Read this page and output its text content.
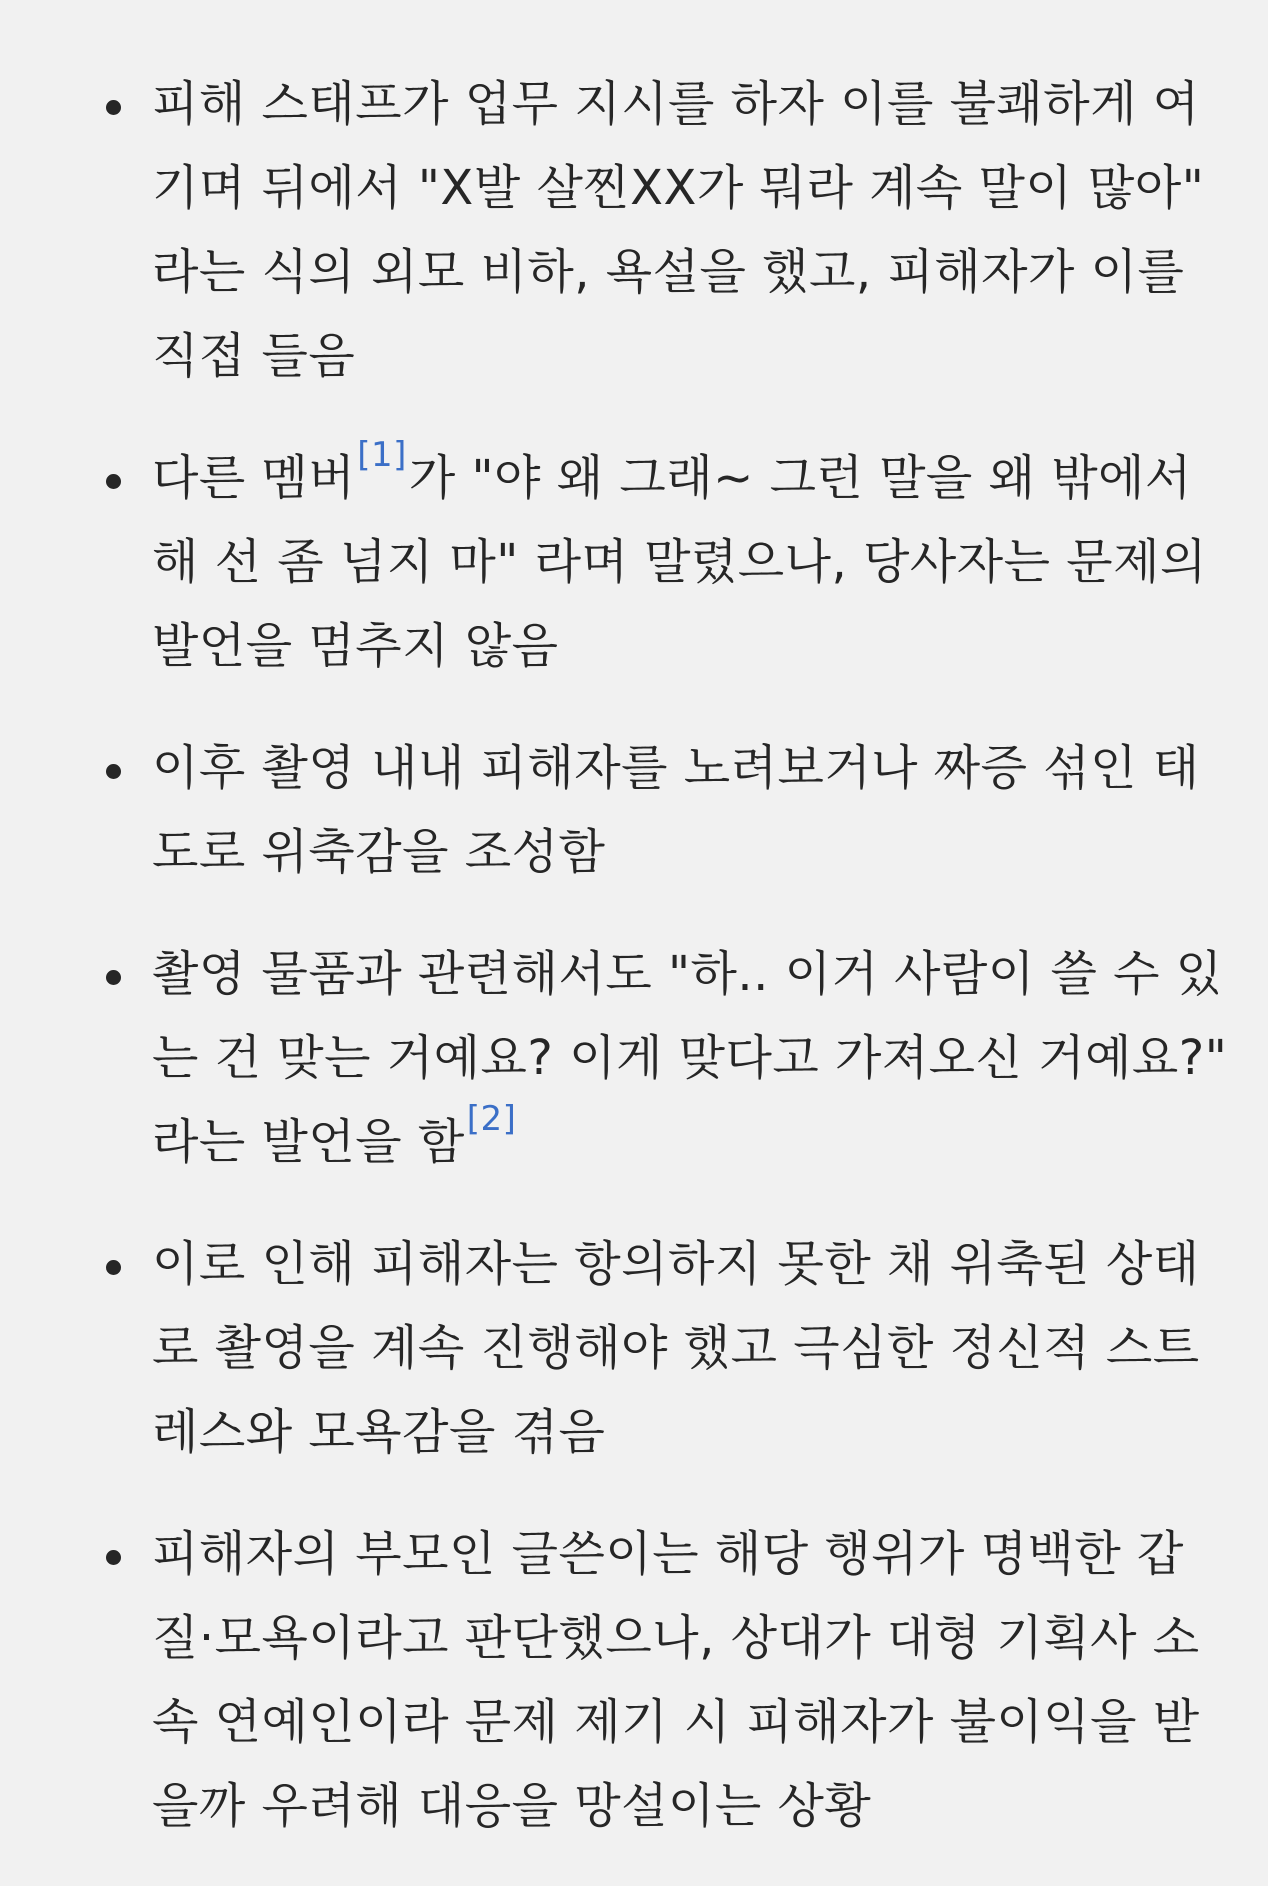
피해 스태프가 업무 지시를 하자 이를 불쾌하게 여
기며 뒤에서 "X발 살찐XX가 뭐라 계속 말이 많아"
라는 식의 외모 비하, 욕설을 했고, 피해자가 이를
직접 들음
다른 멤버[1]가 "야 왜 그래~ 그런 말을 왜 밖에서
해 선 좀 넘지 마" 라며 말렸으나, 당사자는 문제의
발언을 멈추지 않음
이후 촬영 내내 피해자를 노려보거나 짜증 섞인 태
도로 위축감을 조성함
촬영 물품과 관련해서도 "하.. 이거 사람이 쓸 수 있
는 건 맞는 거예요? 이게 맞다고 가져오신 거예요?"
라는 발언을 함[2]
이로 인해 피해자는 항의하지 못한 채 위축된 상태
로 촬영을 계속 진행해야 했고 극심한 정신적 스트
레스와 모욕감을 겪음
피해자의 부모인 글쓴이는 해당 행위가 명백한 갑
질·모욕이라고 판단했으나, 상대가 대형 기획사 소
속 연예인이라 문제 제기 시 피해자가 불이익을 받
을까 우려해 대응을 망설이는 상황
